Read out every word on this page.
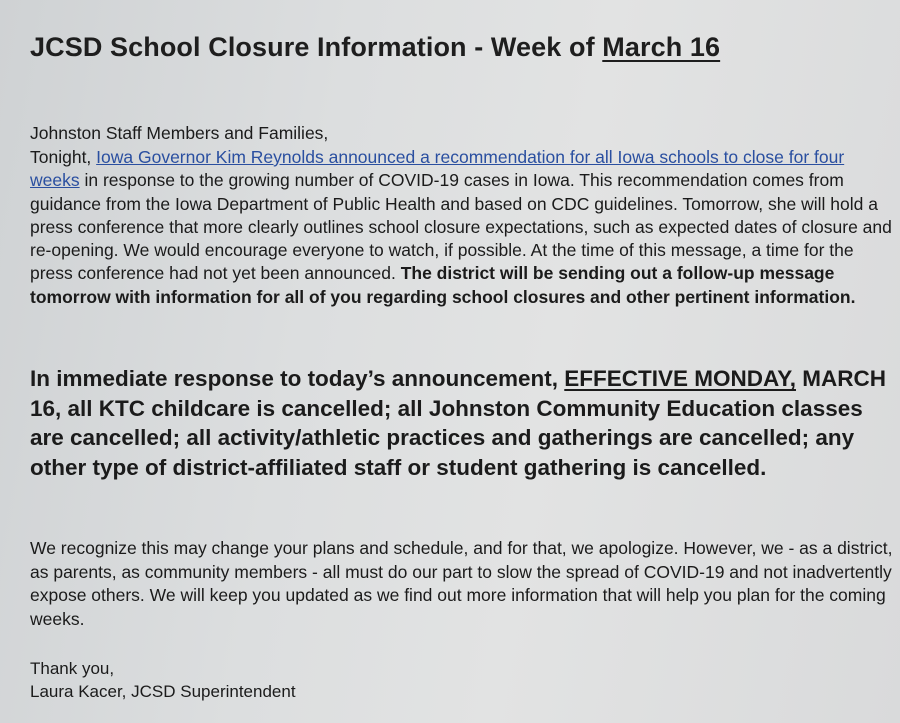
JCSD School Closure Information - Week of March 16
Johnston Staff Members and Families,
Tonight, Iowa Governor Kim Reynolds announced a recommendation for all Iowa schools to close for four weeks in response to the growing number of COVID-19 cases in Iowa. This recommendation comes from guidance from the Iowa Department of Public Health and based on CDC guidelines. Tomorrow, she will hold a press conference that more clearly outlines school closure expectations, such as expected dates of closure and re-opening. We would encourage everyone to watch, if possible. At the time of this message, a time for the press conference had not yet been announced. The district will be sending out a follow-up message tomorrow with information for all of you regarding school closures and other pertinent information.
In immediate response to today’s announcement, EFFECTIVE MONDAY, MARCH 16, all KTC childcare is cancelled; all Johnston Community Education classes are cancelled; all activity/athletic practices and gatherings are cancelled; any other type of district-affiliated staff or student gathering is cancelled.
We recognize this may change your plans and schedule, and for that, we apologize. However, we - as a district, as parents, as community members - all must do our part to slow the spread of COVID-19 and not inadvertently expose others. We will keep you updated as we find out more information that will help you plan for the coming weeks.
Thank you,
Laura Kacer, JCSD Superintendent
